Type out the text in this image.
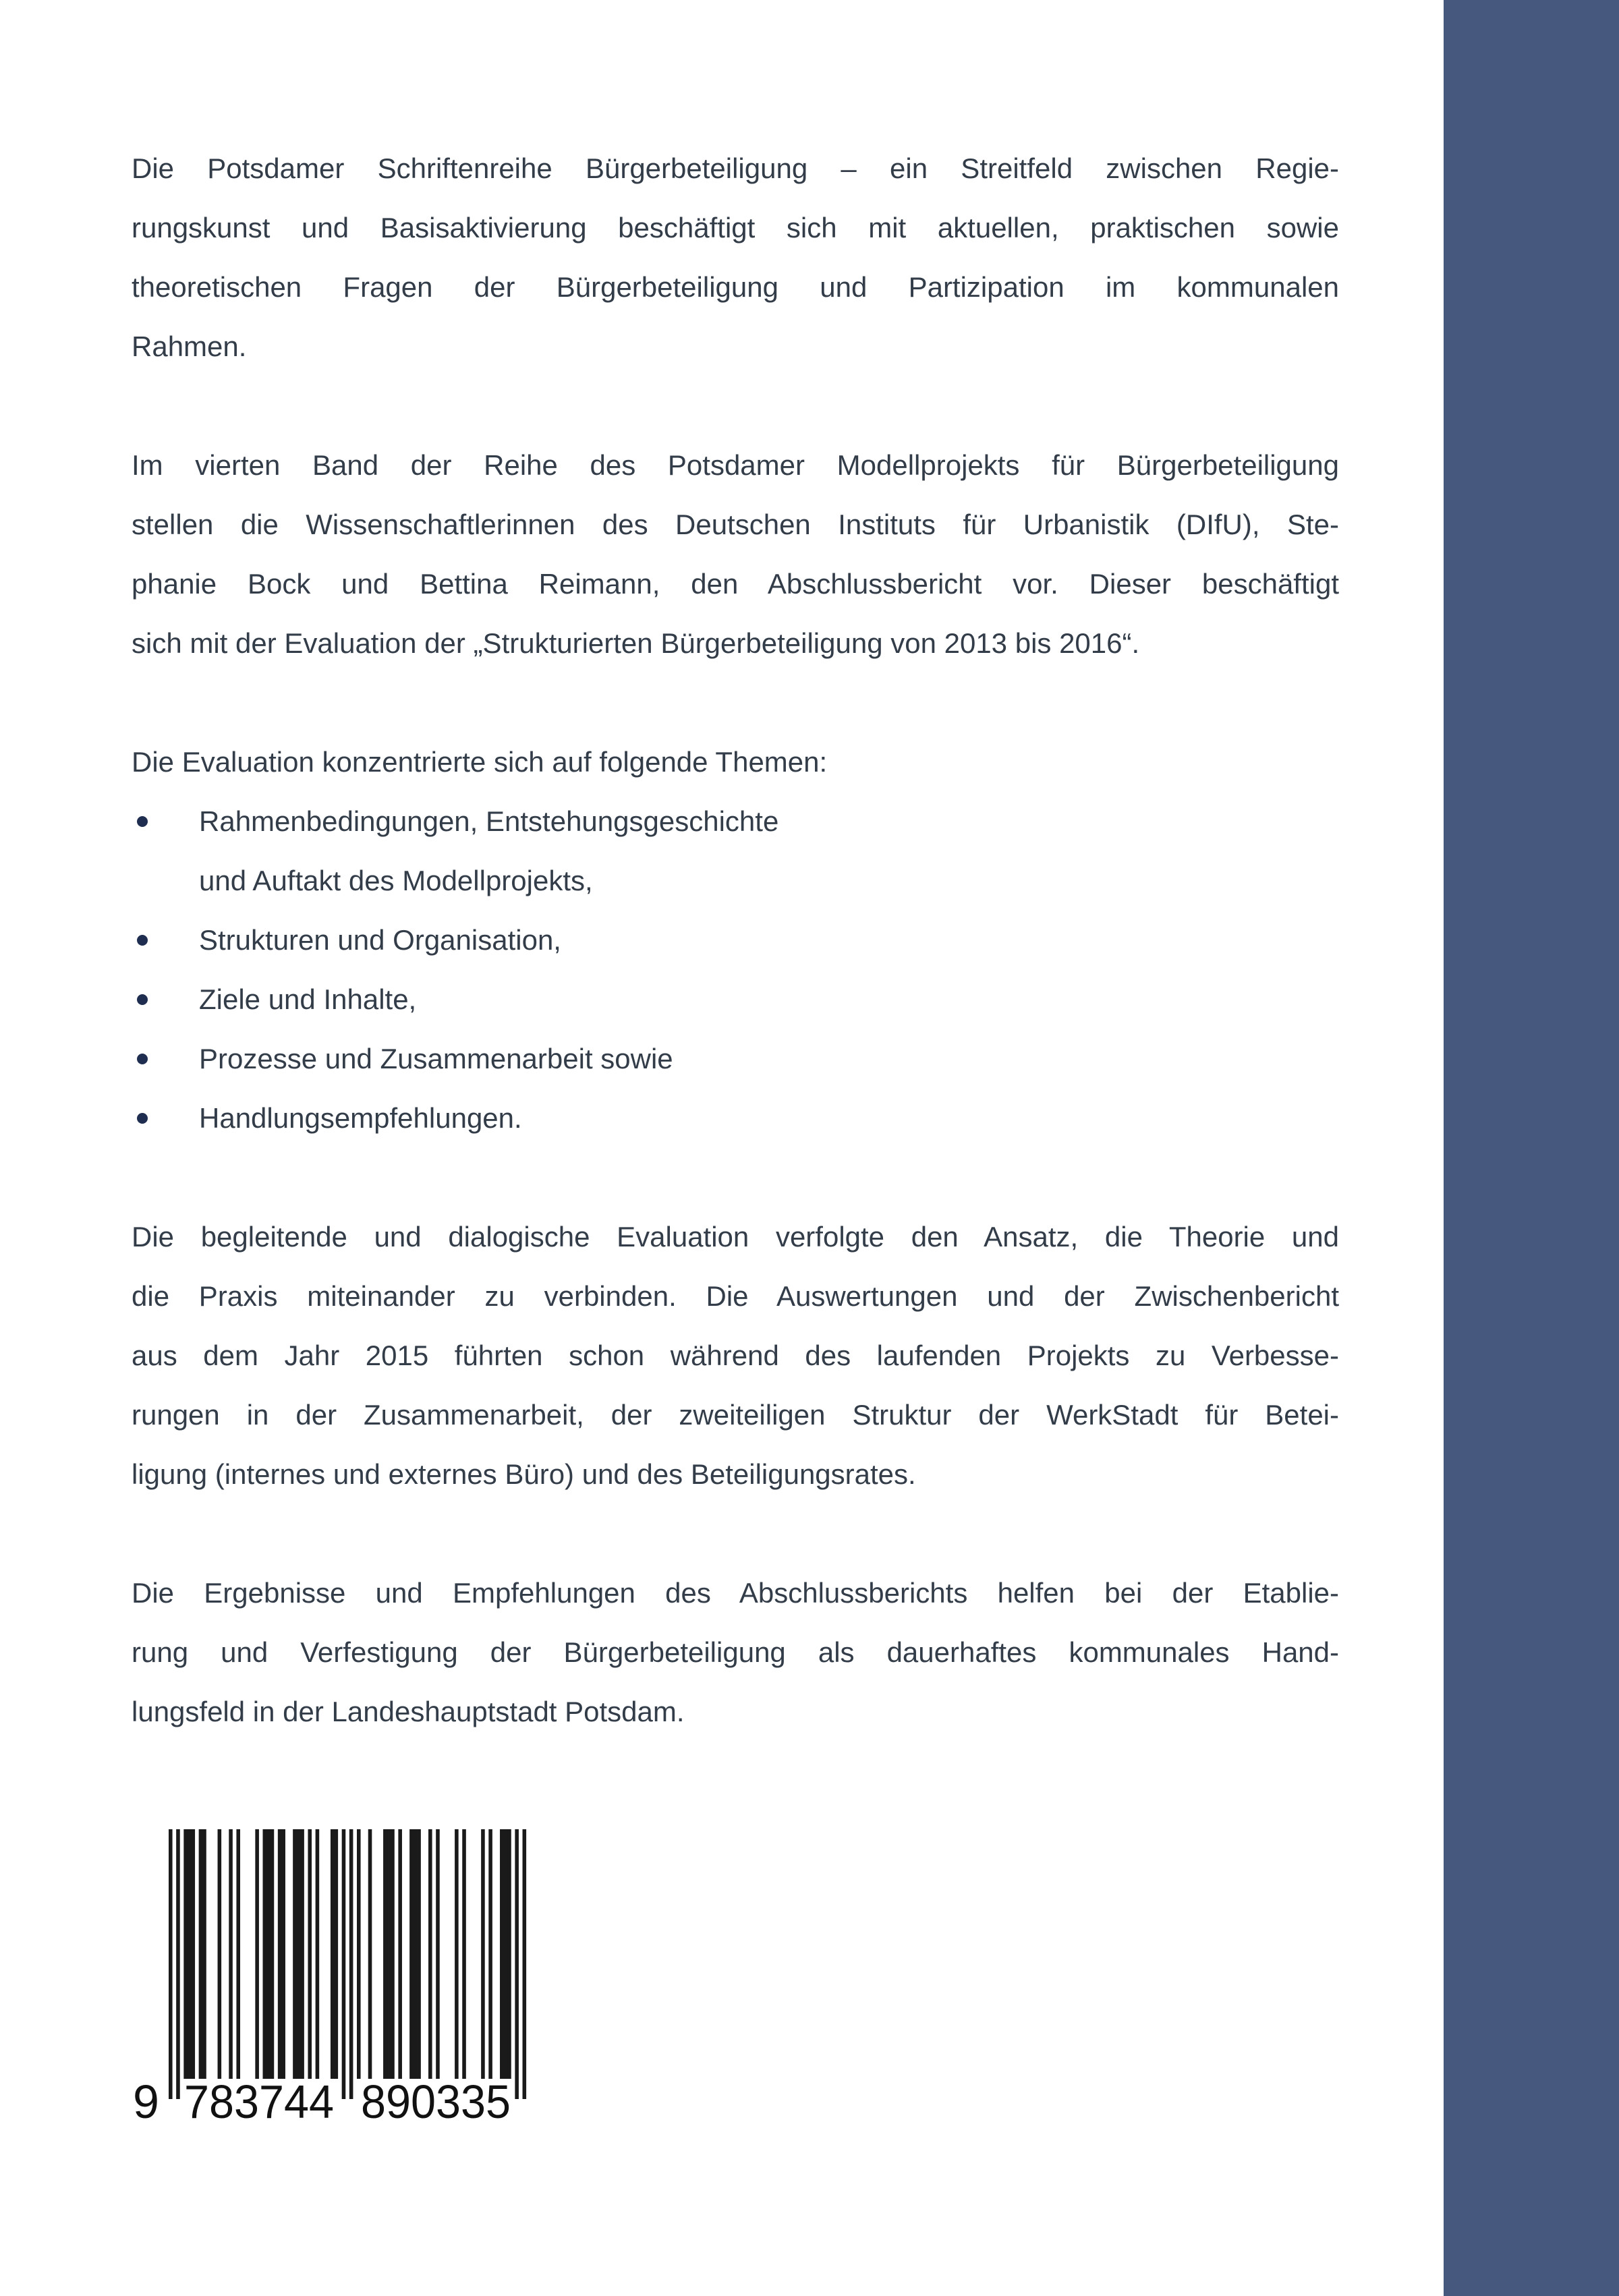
Die Potsdamer Schriftenreihe Bürgerbeteiligung – ein Streitfeld zwischen Regie-
rungskunst und Basisaktivierung beschäftigt sich mit aktuellen, praktischen sowie
theoretischen Fragen der Bürgerbeteiligung und Partizipation im kommunalen
Rahmen.
Im vierten Band der Reihe des Potsdamer Modellprojekts für Bürgerbeteiligung
stellen die Wissenschaftlerinnen des Deutschen Instituts für Urbanistik (DIfU), Ste-
phanie Bock und Bettina Reimann, den Abschlussbericht vor. Dieser beschäftigt
sich mit der Evaluation der „Strukturierten Bürgerbeteiligung von 2013 bis 2016“.
Die Evaluation konzentrierte sich auf folgende Themen:
Rahmenbedingungen, Entstehungsgeschichte
und Auftakt des Modellprojekts,
Strukturen und Organisation,
Ziele und Inhalte,
Prozesse und Zusammenarbeit sowie
Handlungsempfehlungen.
Die begleitende und dialogische Evaluation verfolgte den Ansatz, die Theorie und
die Praxis miteinander zu verbinden. Die Auswertungen und der Zwischenbericht
aus dem Jahr 2015 führten schon während des laufenden Projekts zu Verbesse-
rungen in der Zusammenarbeit, der zweiteiligen Struktur der WerkStadt für Betei-
ligung (internes und externes Büro) und des Beteiligungsrates.
Die Ergebnisse und Empfehlungen des Abschlussberichts helfen bei der Etablie-
rung und Verfestigung der Bürgerbeteiligung als dauerhaftes kommunales Hand-
lungsfeld in der Landeshauptstadt Potsdam.
9 783744 890335
